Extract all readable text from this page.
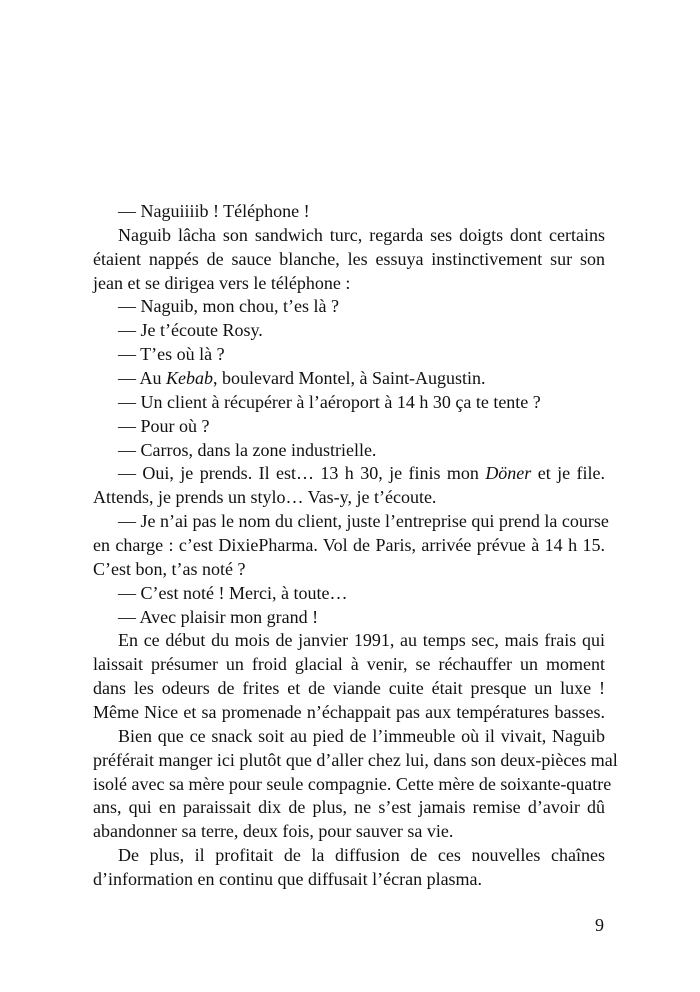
— Naguiiiib ! Téléphone !
Naguib lâcha son sandwich turc, regarda ses doigts dont certains
étaient nappés de sauce blanche, les essuya instinctivement sur son
jean et se dirigea vers le téléphone :
— Naguib, mon chou, t’es là ?
— Je t’écoute Rosy.
— T’es où là ?
— Au Kebab, boulevard Montel, à Saint-Augustin.
— Un client à récupérer à l’aéroport à 14 h 30 ça te tente ?
— Pour où ?
— Carros, dans la zone industrielle.
— Oui, je prends. Il est… 13 h 30, je finis mon Döner et je file.
Attends, je prends un stylo… Vas-y, je t’écoute.
— Je n’ai pas le nom du client, juste l’entreprise qui prend la course
en charge : c’est DixiePharma. Vol de Paris, arrivée prévue à 14 h 15.
C’est bon, t’as noté ?
— C’est noté ! Merci, à toute…
— Avec plaisir mon grand !
En ce début du mois de janvier 1991, au temps sec, mais frais qui
laissait présumer un froid glacial à venir, se réchauffer un moment
dans les odeurs de frites et de viande cuite était presque un luxe !
Même Nice et sa promenade n’échappait pas aux températures basses.
Bien que ce snack soit au pied de l’immeuble où il vivait, Naguib
préférait manger ici plutôt que d’aller chez lui, dans son deux-pièces mal
isolé avec sa mère pour seule compagnie. Cette mère de soixante-quatre
ans, qui en paraissait dix de plus, ne s’est jamais remise d’avoir dû
abandonner sa terre, deux fois, pour sauver sa vie.
De plus, il profitait de la diffusion de ces nouvelles chaînes
d’information en continu que diffusait l’écran plasma.
9
